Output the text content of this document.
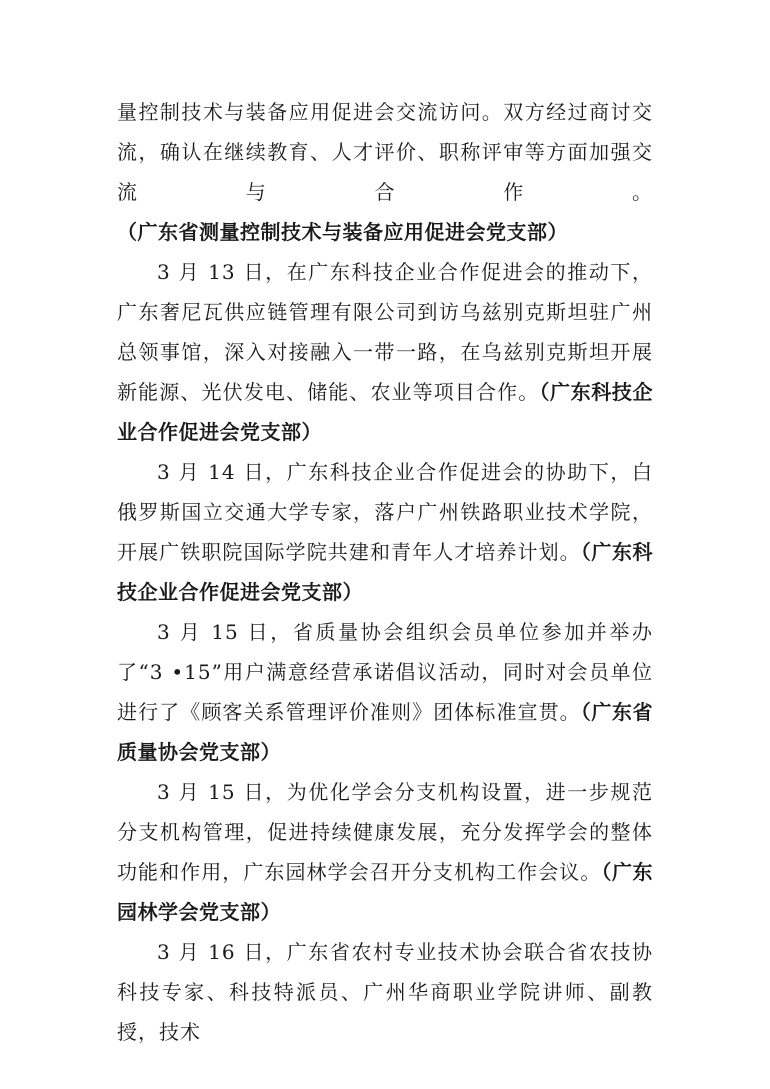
量控制技术与装备应用促进会交流访问。双方经过商讨交流，确认在继续教育、人才评价、职称评审等方面加强交流与合作。（广东省测量控制技术与装备应用促进会党支部）

3 月 13 日，在广东科技企业合作促进会的推动下，广东奢尼瓦供应链管理有限公司到访乌兹别克斯坦驻广州总领事馆，深入对接融入一带一路，在乌兹别克斯坦开展新能源、光伏发电、储能、农业等项目合作。（广东科技企业合作促进会党支部）

3 月 14 日，广东科技企业合作促进会的协助下，白俄罗斯国立交通大学专家，落户广州铁路职业技术学院，开展广铁职院国际学院共建和青年人才培养计划。（广东科技企业合作促进会党支部）

3 月 15 日，省质量协会组织会员单位参加并举办了“3 •15”用户满意经营承诺倡议活动，同时对会员单位进行了《顾客关系管理评价准则》团体标准宣贯。（广东省质量协会党支部）

3 月 15 日，为优化学会分支机构设置，进一步规范分支机构管理，促进持续健康发展，充分发挥学会的整体功能和作用，广东园林学会召开分支机构工作会议。（广东园林学会党支部）

3 月 16 日，广东省农村专业技术协会联合省农技协科技专家、科技特派员、广州华商职业学院讲师、副教授，技术
